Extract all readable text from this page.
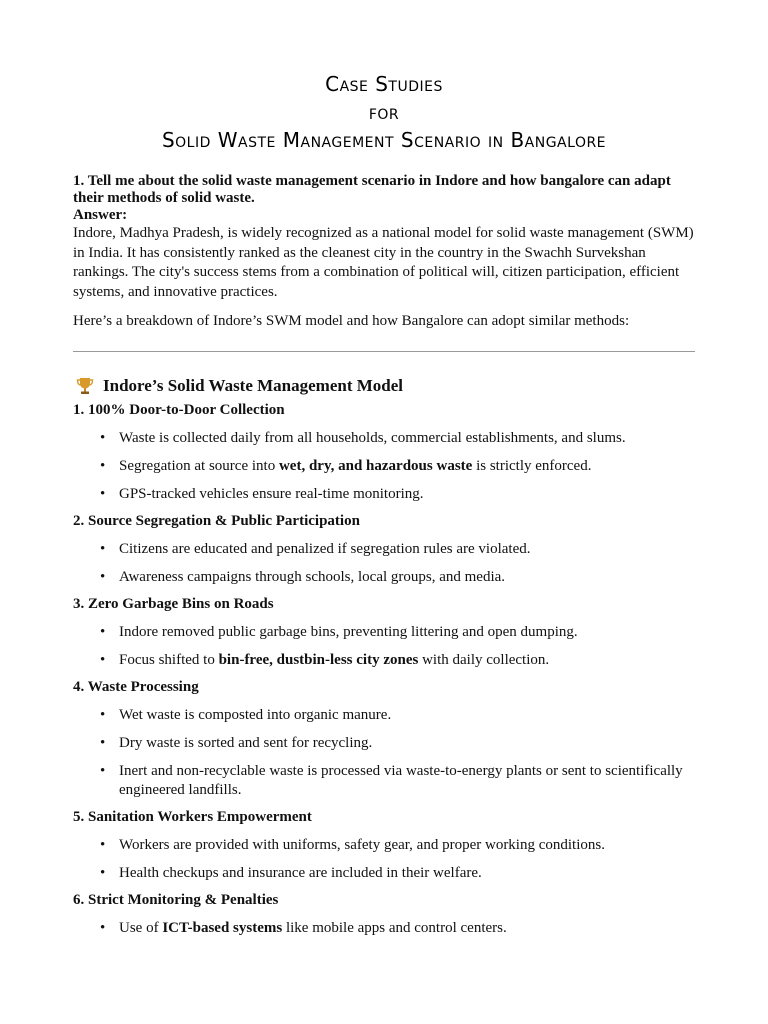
Case Studies
for
Solid Waste Management Scenario in Bangalore

1. Tell me about the solid waste management scenario in Indore and how bangalore can adapt their methods of solid waste.

Answer:

Indore, Madhya Pradesh, is widely recognized as a national model for solid waste management (SWM) in India. It has consistently ranked as the cleanest city in the country in the Swachh Survekshan rankings. The city's success stems from a combination of political will, citizen participation, efficient systems, and innovative practices.

Here’s a breakdown of Indore’s SWM model and how Bangalore can adopt similar methods:

Indore’s Solid Waste Management Model

1. 100% Door-to-Door Collection

• Waste is collected daily from all households, commercial establishments, and slums.
• Segregation at source into wet, dry, and hazardous waste is strictly enforced.
• GPS-tracked vehicles ensure real-time monitoring.

2. Source Segregation & Public Participation

• Citizens are educated and penalized if segregation rules are violated.
• Awareness campaigns through schools, local groups, and media.

3. Zero Garbage Bins on Roads

• Indore removed public garbage bins, preventing littering and open dumping.
• Focus shifted to bin-free, dustbin-less city zones with daily collection.

4. Waste Processing

• Wet waste is composted into organic manure.
• Dry waste is sorted and sent for recycling.
• Inert and non-recyclable waste is processed via waste-to-energy plants or sent to scientifically engineered landfills.

5. Sanitation Workers Empowerment

• Workers are provided with uniforms, safety gear, and proper working conditions.
• Health checkups and insurance are included in their welfare.

6. Strict Monitoring & Penalties

• Use of ICT-based systems like mobile apps and control centers.
